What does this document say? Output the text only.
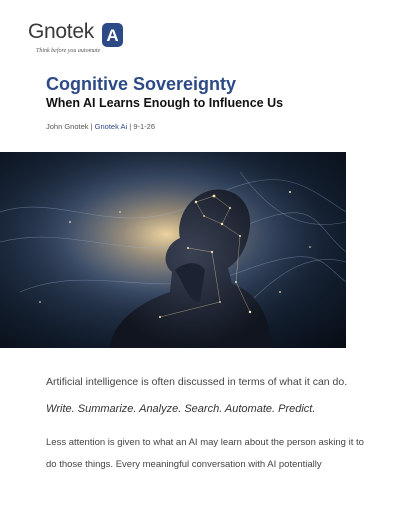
Gnotek A
Think before you automate
Cognitive Sovereignty
When AI Learns Enough to Influence Us
John Gnotek | Gnotek Ai | 9-1-26

Artificial intelligence is often discussed in terms of what it can do.

Write. Summarize. Analyze. Search. Automate. Predict.

Less attention is given to what an AI may learn about the person asking it to do those things. Every meaningful conversation with AI potentially
